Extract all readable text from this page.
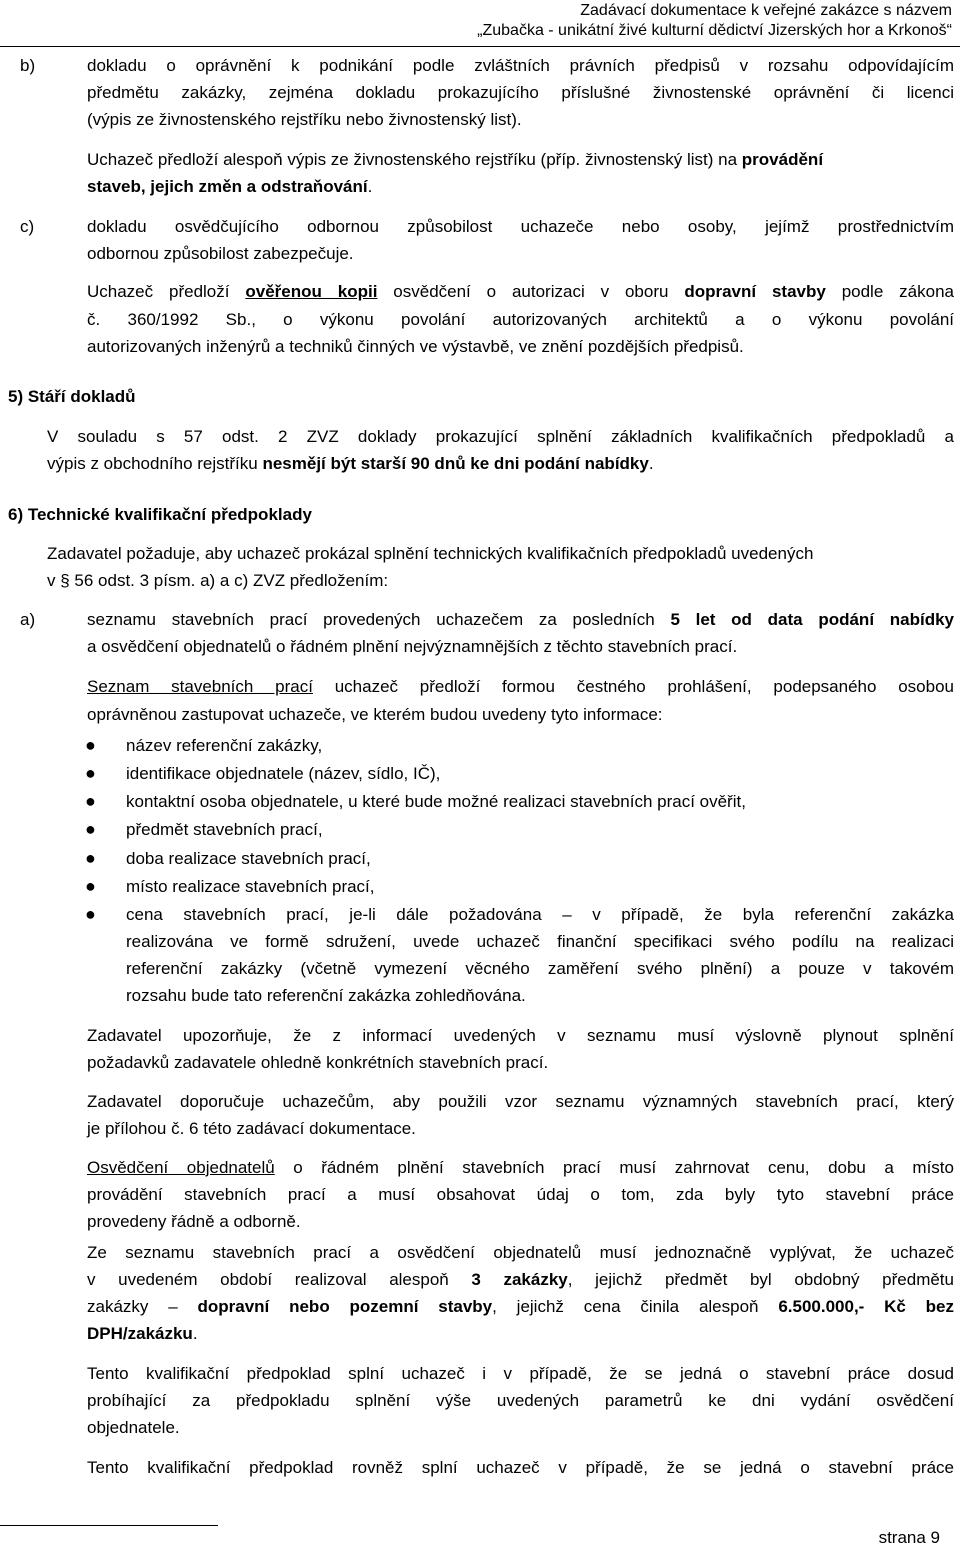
Zadávací dokumentace k veřejné zakázce s názvem
„Zubačka - unikátní živé kulturní dědictví Jizerských hor a Krkonoš“
b)	dokladu o oprávnění k podnikání podle zvláštních právních předpisů v rozsahu odpovídajícím
předmětu zakázky, zejména dokladu prokazujícího příslušné živnostenské oprávnění či licenci
(výpis ze živnostenského rejstříku nebo živnostenský list).
Uchazeč předloží alespoň výpis ze živnostenského rejstříku (příp. živnostenský list) na provádění
staveb, jejich změn a odstraňování.
c)	dokladu osvědčujícího odbornou způsobilost uchazeče nebo osoby, jejímž prostřednictvím
odbornou způsobilost zabezpečuje.
Uchazeč předloží ověřenou kopii osvědčení o autorizaci v oboru dopravní stavby podle zákona
č. 360/1992 Sb., o výkonu povolání autorizovaných architektů a o výkonu povolání
autorizovaných inženýrů a techniků činných ve výstavbě, ve znění pozdějších předpisů.
5) Stáří dokladů
V souladu s 57 odst. 2 ZVZ doklady prokazující splnění základních kvalifikačních předpokladů a
výpis z obchodního rejstříku nesmějí být starší 90 dnů ke dni podání nabídky.
6) Technické kvalifikační předpoklady
Zadavatel požaduje, aby uchazeč prokázal splnění technických kvalifikačních předpokladů uvedených
v § 56 odst. 3 písm. a) a c) ZVZ předložením:
a)	seznamu stavebních prací provedených uchazečem za posledních 5 let od data podání nabídky
a osvědčení objednatelů o řádném plnění nejvýznamnějších z těchto stavebních prací.
Seznam stavebních prací uchazeč předloží formou čestného prohlášení, podepsaného osobou
oprávněnou zastupovat uchazeče, ve kterém budou uvedeny tyto informace:
● název referenční zakázky,
● identifikace objednatele (název, sídlo, IČ),
● kontaktní osoba objednatele, u které bude možné realizaci stavebních prací ověřit,
● předmět stavebních prací,
● doba realizace stavebních prací,
● místo realizace stavebních prací,
● cena stavebních prací, je-li dále požadována – v případě, že byla referenční zakázka
realizována ve formě sdružení, uvede uchazeč finanční specifikaci svého podílu na realizaci
referenční zakázky (včetně vymezení věcného zaměření svého plnění) a pouze v takovém
rozsahu bude tato referenční zakázka zohledňována.
Zadavatel upozorňuje, že z informací uvedených v seznamu musí výslovně plynout splnění
požadavků zadavatele ohledně konkrétních stavebních prací.
Zadavatel doporučuje uchazečům, aby použili vzor seznamu významných stavebních prací, který
je přílohou č. 6 této zadávací dokumentace.
Osvědčení objednatelů o řádném plnění stavebních prací musí zahrnovat cenu, dobu a místo
provádění stavebních prací a musí obsahovat údaj o tom, zda byly tyto stavební práce
provedeny řádně a odborně.
Ze seznamu stavebních prací a osvědčení objednatelů musí jednoznačně vyplývat, že uchazeč
v uvedeném období realizoval alespoň 3 zakázky, jejichž předmět byl obdobný předmětu
zakázky – dopravní nebo pozemní stavby, jejichž cena činila alespoň 6.500.000,- Kč bez
DPH/zakázku.
Tento kvalifikační předpoklad splní uchazeč i v případě, že se jedná o stavební práce dosud
probíhající za předpokladu splnění výše uvedených parametrů ke dni vydání osvědčení
objednatele.
Tento kvalifikační předpoklad rovněž splní uchazeč v případě, že se jedná o stavební práce
strana 9
